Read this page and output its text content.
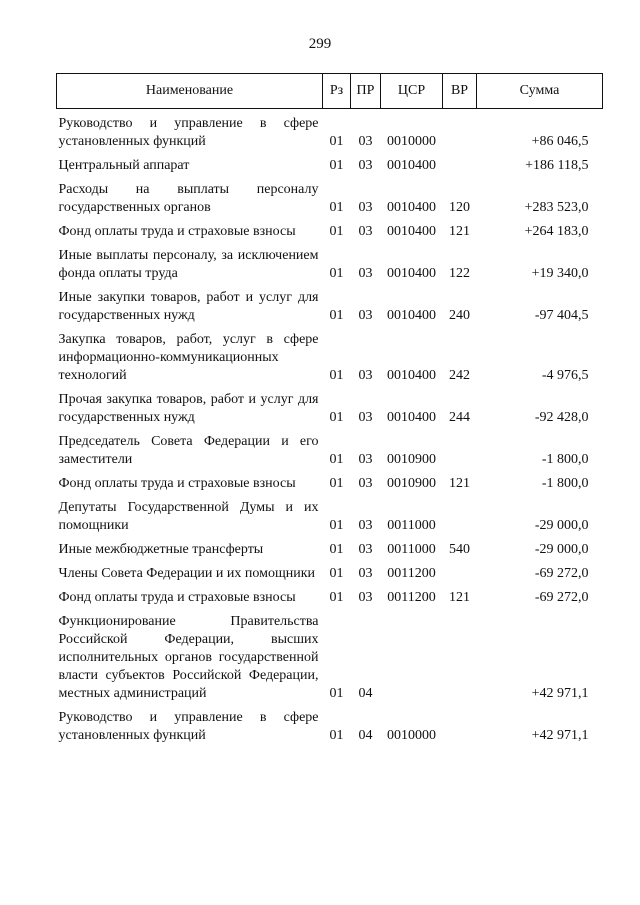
299
Наименование	Рз	ПР	ЦСР	ВР	Сумма
Руководство и управление в сфере установленных функций	01	03	0010000		+86 046,5
Центральный аппарат	01	03	0010400		+186 118,5
Расходы на выплаты персоналу государственных органов	01	03	0010400	120	+283 523,0
Фонд оплаты труда и страховые взносы	01	03	0010400	121	+264 183,0
Иные выплаты персоналу, за исключением фонда оплаты труда	01	03	0010400	122	+19 340,0
Иные закупки товаров, работ и услуг для государственных нужд	01	03	0010400	240	-97 404,5
Закупка товаров, работ, услуг в сфере информационно-коммуникационных технологий	01	03	0010400	242	-4 976,5
Прочая закупка товаров, работ и услуг для государственных нужд	01	03	0010400	244	-92 428,0
Председатель Совета Федерации и его заместители	01	03	0010900		-1 800,0
Фонд оплаты труда и страховые взносы	01	03	0010900	121	-1 800,0
Депутаты Государственной Думы и их помощники	01	03	0011000		-29 000,0
Иные межбюджетные трансферты	01	03	0011000	540	-29 000,0
Члены Совета Федерации и их помощники	01	03	0011200		-69 272,0
Фонд оплаты труда и страховые взносы	01	03	0011200	121	-69 272,0
Функционирование Правительства Российской Федерации, высших исполнительных органов государственной власти субъектов Российской Федерации, местных администраций	01	04			+42 971,1
Руководство и управление в сфере установленных функций	01	04	0010000		+42 971,1
